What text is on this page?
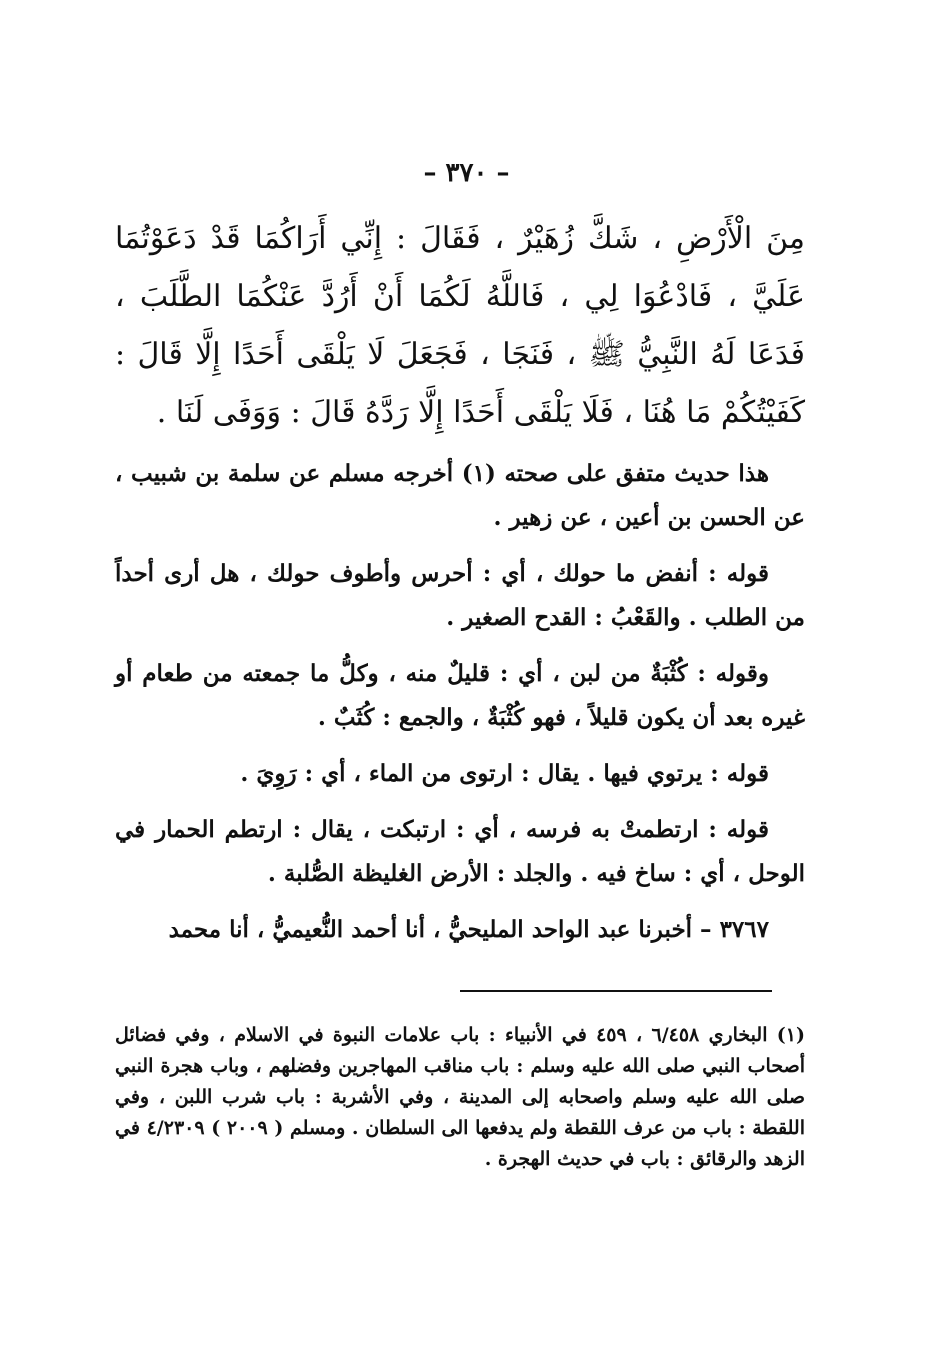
– ٣٧٠ –

مِنَ الْأَرْضِ ، شَكَّ زُهَيْرٌ ، فَقَالَ : إِنِّي أَرَاكُمَا قَدْ دَعَوْتُمَا عَلَيَّ ، فَادْعُوَا لِي ، فَاللَّهُ لَكُمَا أَنْ أَرُدَّ عَنْكُمَا الطَّلَبَ ، فَدَعَا لَهُ النَّبِيُّ ﷺ ، فَنَجَا ، فَجَعَلَ لَا يَلْقَى أَحَدًا إِلَّا قَالَ : كَفَيْتُكُمْ مَا هُنَا ، فَلَا يَلْقَى أَحَدًا إِلَّا رَدَّهُ قَالَ : وَوَفَى لَنَا .

هذا حديث متفق على صحته (١) أخرجه مسلم عن سلمة بن شبيب ، عن الحسن بن أعين ، عن زهير .

قوله : أنفض ما حولك ، أي : أحرس وأطوف حولك ، هل أرى أحداً من الطلب . والقَعْبُ : القدح الصغير .

وقوله : كُثْبَةٌ من لبن ، أي : قليلٌ منه ، وكلُّ ما جمعته من طعام أو غيره بعد أن يكون قليلاً ، فهو كُثْبَةٌ ، والجمع : كُثَبٌ .

قوله : يرتوي فيها . يقال : ارتوى من الماء ، أي : رَوِيَ .

قوله : ارتطمتْ به فرسه ، أي : ارتبكت ، يقال : ارتطم الحمار في الوحل ، أي : ساخ فيه . والجلد : الأرض الغليظة الصُّلبة .

٣٧٦٧ – أخبرنا عبد الواحد المليحيُّ ، أنا أحمد النُّعيميُّ ، أنا محمد

(١) البخاري ٦/٤٥٨ ، ٤٥٩ في الأنبياء : باب علامات النبوة في الاسلام ، وفي فضائل أصحاب النبي صلى الله عليه وسلم : باب مناقب المهاجرين وفضلهم ، وباب هجرة النبي صلى الله عليه وسلم واصحابه إلى المدينة ، وفي الأشربة : باب شرب اللبن ، وفي اللقطة : باب من عرف اللقطة ولم يدفعها الى السلطان . ومسلم ( ٢٠٠٩ ) ٤/٢٣٠٩ في الزهد والرقائق : باب في حديث الهجرة .
